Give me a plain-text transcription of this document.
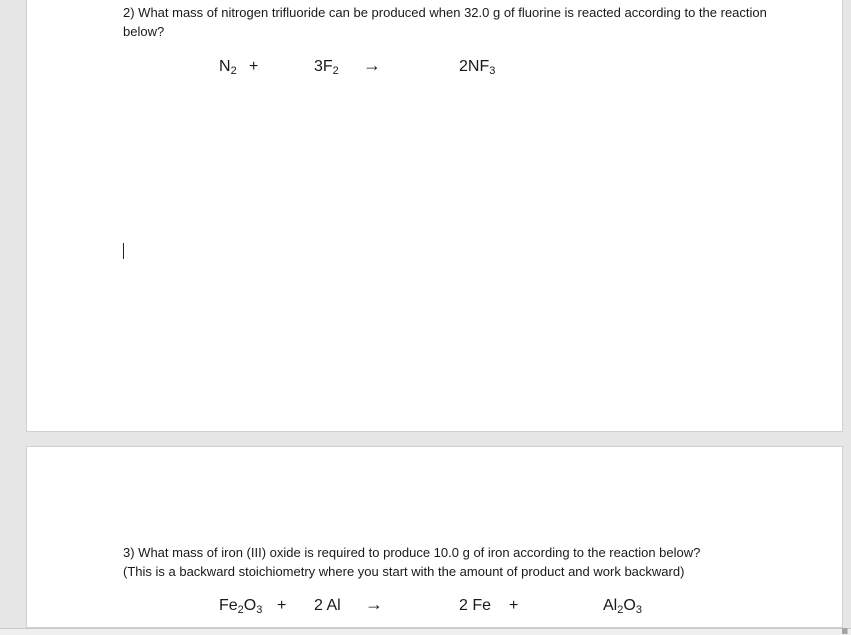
2) What mass of nitrogen trifluoride can be produced when 32.0 g of fluorine is reacted according to the reaction below?

$N_2$ +	$3F_2$ →	$2NF_3$

3) What mass of iron (III) oxide is required to produce 10.0 g of iron according to the reaction below?

(This is a backward stoichiometry where you start with the amount of product and work backward)

$Fe_2O_3 + 2$ Al →	2 Fe +	$Al_2O_3$
▦
